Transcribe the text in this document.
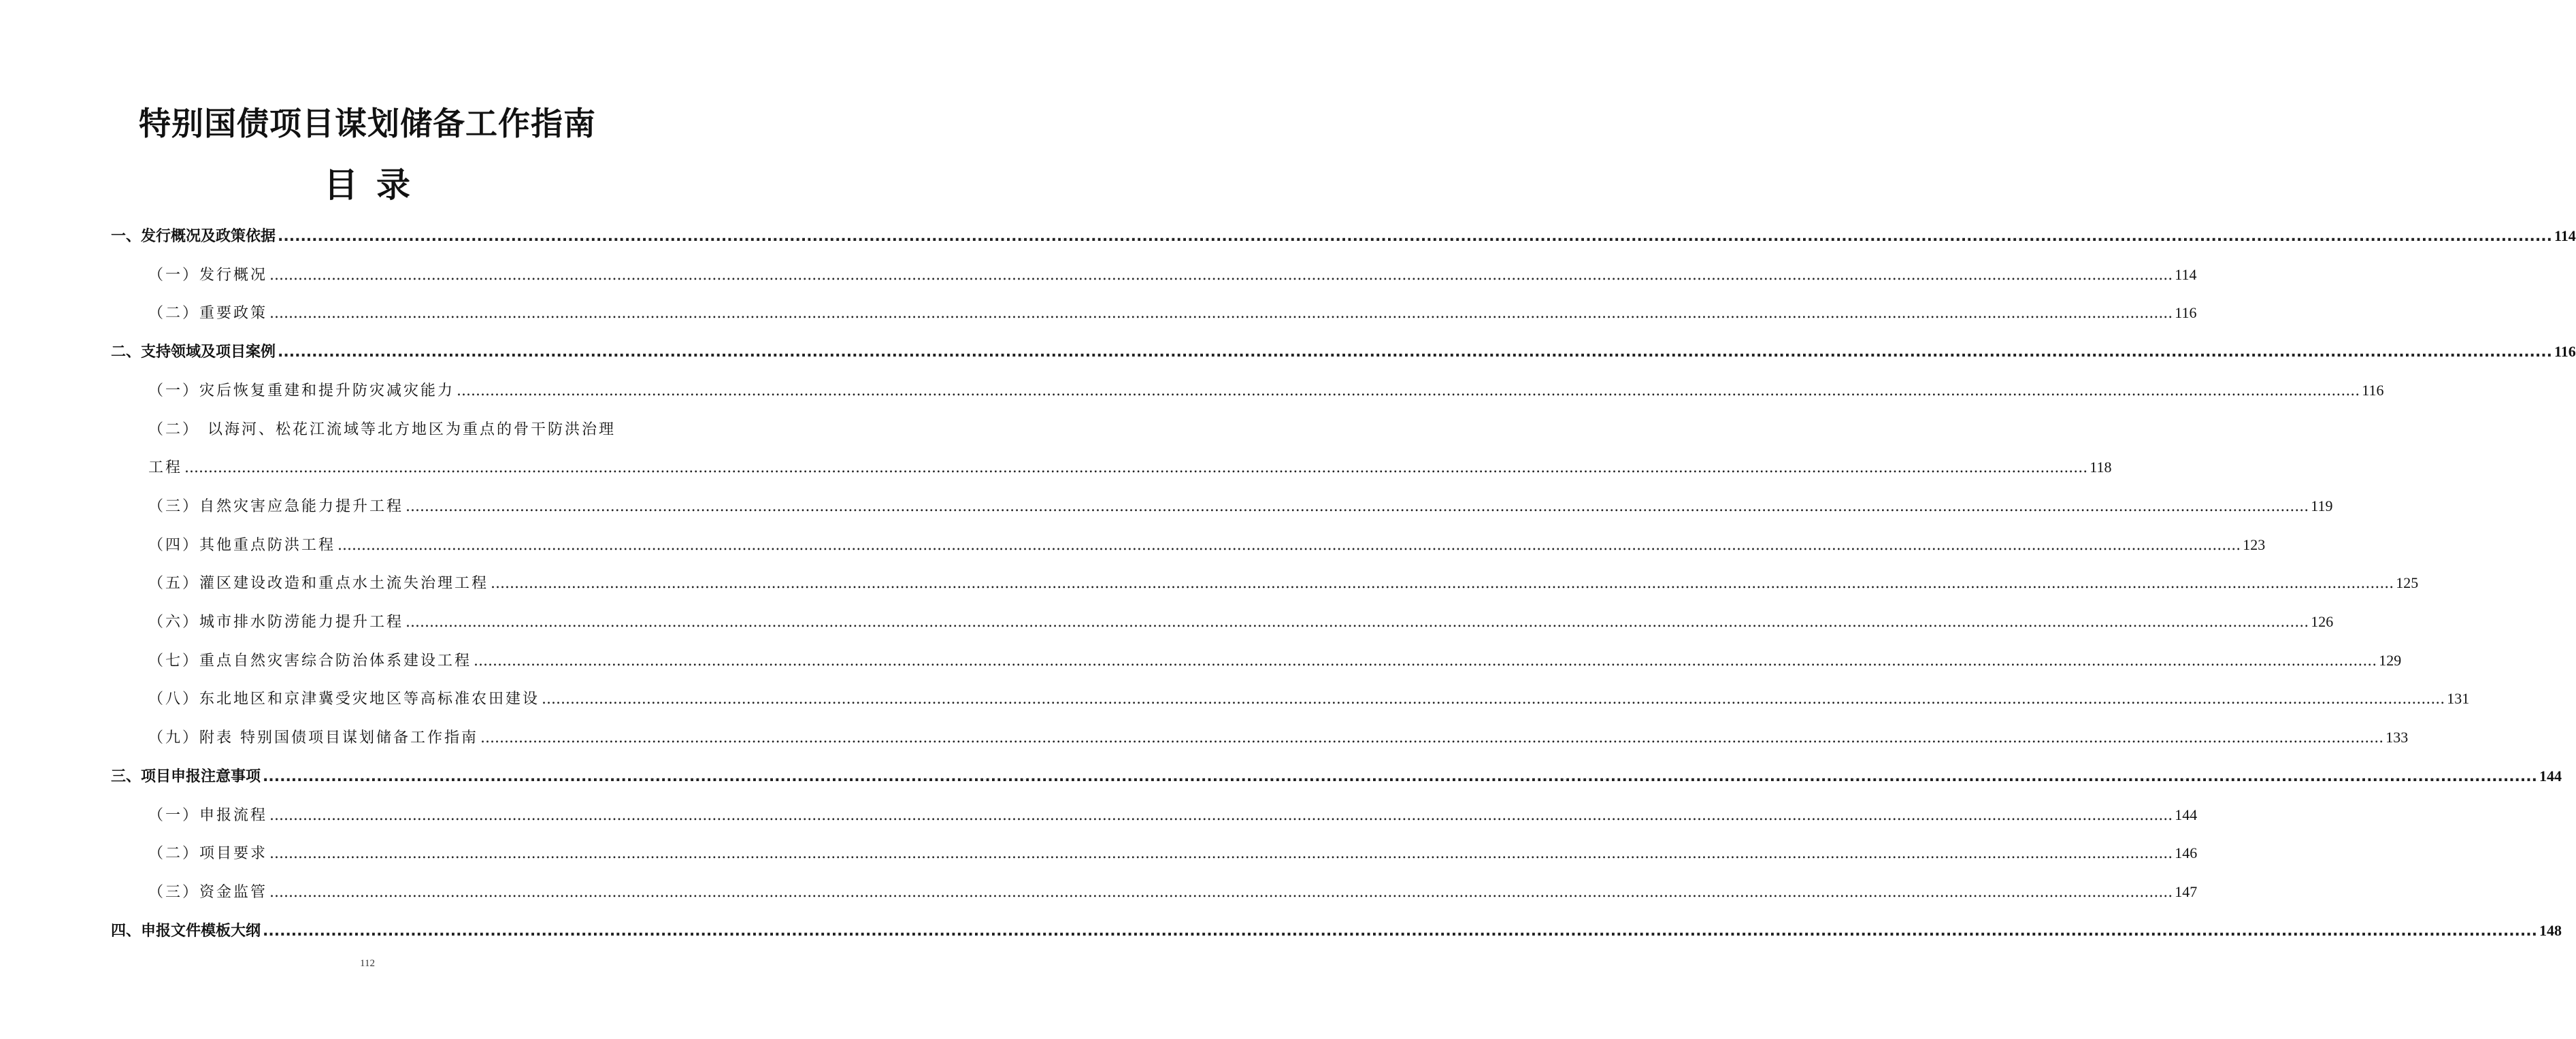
特别国债项目谋划储备工作指南
目 录
一、发行概况及政策依据 ................................................................................................................................................................................................................................................................................................................................................................................................................ 114
（一） 发行概况 ................................................................................................................................................................................................................................................................................................................................................................................................................ 114
（二） 重要政策 ................................................................................................................................................................................................................................................................................................................................................................................................................ 116
二、支持领域及项目案例 ................................................................................................................................................................................................................................................................................................................................................................................................................ 116
（一） 灾后恢复重建和提升防灾减灾能力 ................................................................................................................................................................................................................................................................................................................................................................................................................ 116
（二） 以海河、松花江流域等北方地区为重点的骨干防洪治理
工程 ................................................................................................................................................................................................................................................................................................................................................................................................................ 118
（三） 自然灾害应急能力提升工程 ................................................................................................................................................................................................................................................................................................................................................................................................................ 119
（四） 其他重点防洪工程 ................................................................................................................................................................................................................................................................................................................................................................................................................ 123
（五） 灌区建设改造和重点水土流失治理工程 ................................................................................................................................................................................................................................................................................................................................................................................................................ 125
（六） 城市排水防涝能力提升工程 ................................................................................................................................................................................................................................................................................................................................................................................................................ 126
（七） 重点自然灾害综合防治体系建设工程 ................................................................................................................................................................................................................................................................................................................................................................................................................ 129
（八） 东北地区和京津冀受灾地区等高标准农田建设 ................................................................................................................................................................................................................................................................................................................................................................................................................ 131
（九） 附表 特别国债项目谋划储备工作指南 ................................................................................................................................................................................................................................................................................................................................................................................................................ 133
三、项目申报注意事项 ................................................................................................................................................................................................................................................................................................................................................................................................................ 144
（一） 申报流程 ................................................................................................................................................................................................................................................................................................................................................................................................................ 144
（二） 项目要求 ................................................................................................................................................................................................................................................................................................................................................................................................................ 146
（三） 资金监管 ................................................................................................................................................................................................................................................................................................................................................................................................................ 147
四、申报文件模板大纲 ................................................................................................................................................................................................................................................................................................................................................................................................................ 148
112
